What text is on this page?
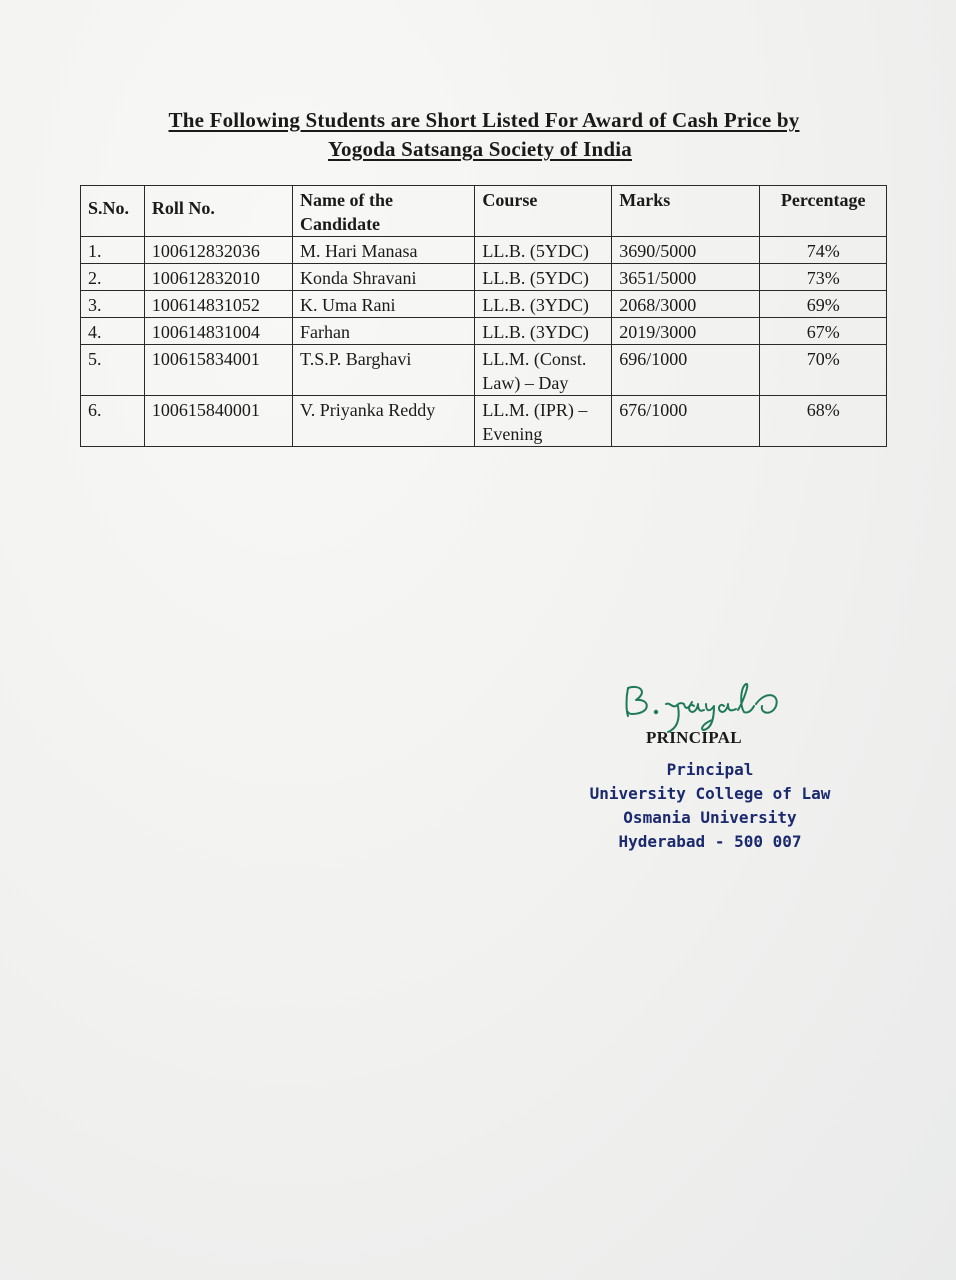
The Following Students are Short Listed For Award of Cash Price by
Yogoda Satsanga Society of India
S.No.	Roll No.	Name of the Candidate	Course	Marks	Percentage
1.	100612832036	M. Hari Manasa	LL.B. (5YDC)	3690/5000	74%
2.	100612832010	Konda Shravani	LL.B. (5YDC)	3651/5000	73%
3.	100614831052	K. Uma Rani	LL.B. (3YDC)	2068/3000	69%
4.	100614831004	Farhan	LL.B. (3YDC)	2019/3000	67%
5.	100615834001	T.S.P. Barghavi	LL.M. (Const. Law) – Day	696/1000	70%
6.	100615840001	V. Priyanka Reddy	LL.M. (IPR) – Evening	676/1000	68%
PRINCIPAL
Principal
University College of Law
Osmania University
Hyderabad - 500 007
